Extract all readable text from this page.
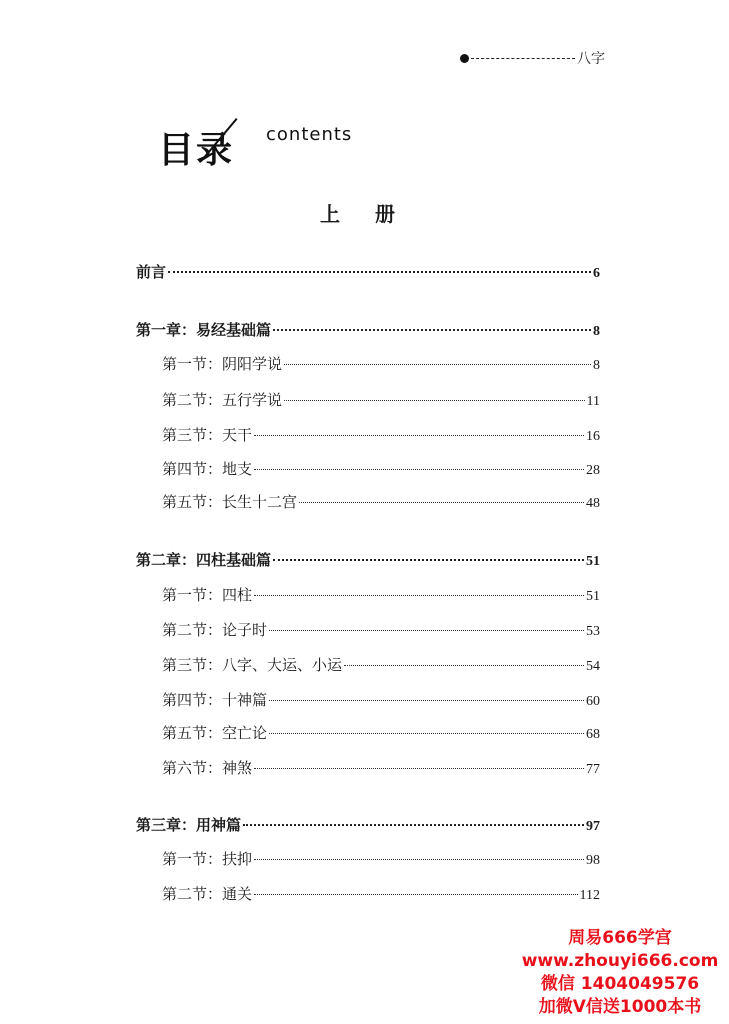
八字
目录 contents
上 册
前言	6
第一章：易经基础篇	8
第一节：阴阳学说	8
第二节：五行学说	11
第三节：天干	16
第四节：地支	28
第五节：长生十二宫	48
第二章：四柱基础篇	51
第一节：四柱	51
第二节：论子时	53
第三节：八字、大运、小运	54
第四节：十神篇	60
第五节：空亡论	68
第六节：神煞	77
第三章：用神篇	97
第一节：扶抑	98
第二节：通关	112
周易666学宫
www.zhouyi666.com
微信 1404049576
加微V信送1000本书
